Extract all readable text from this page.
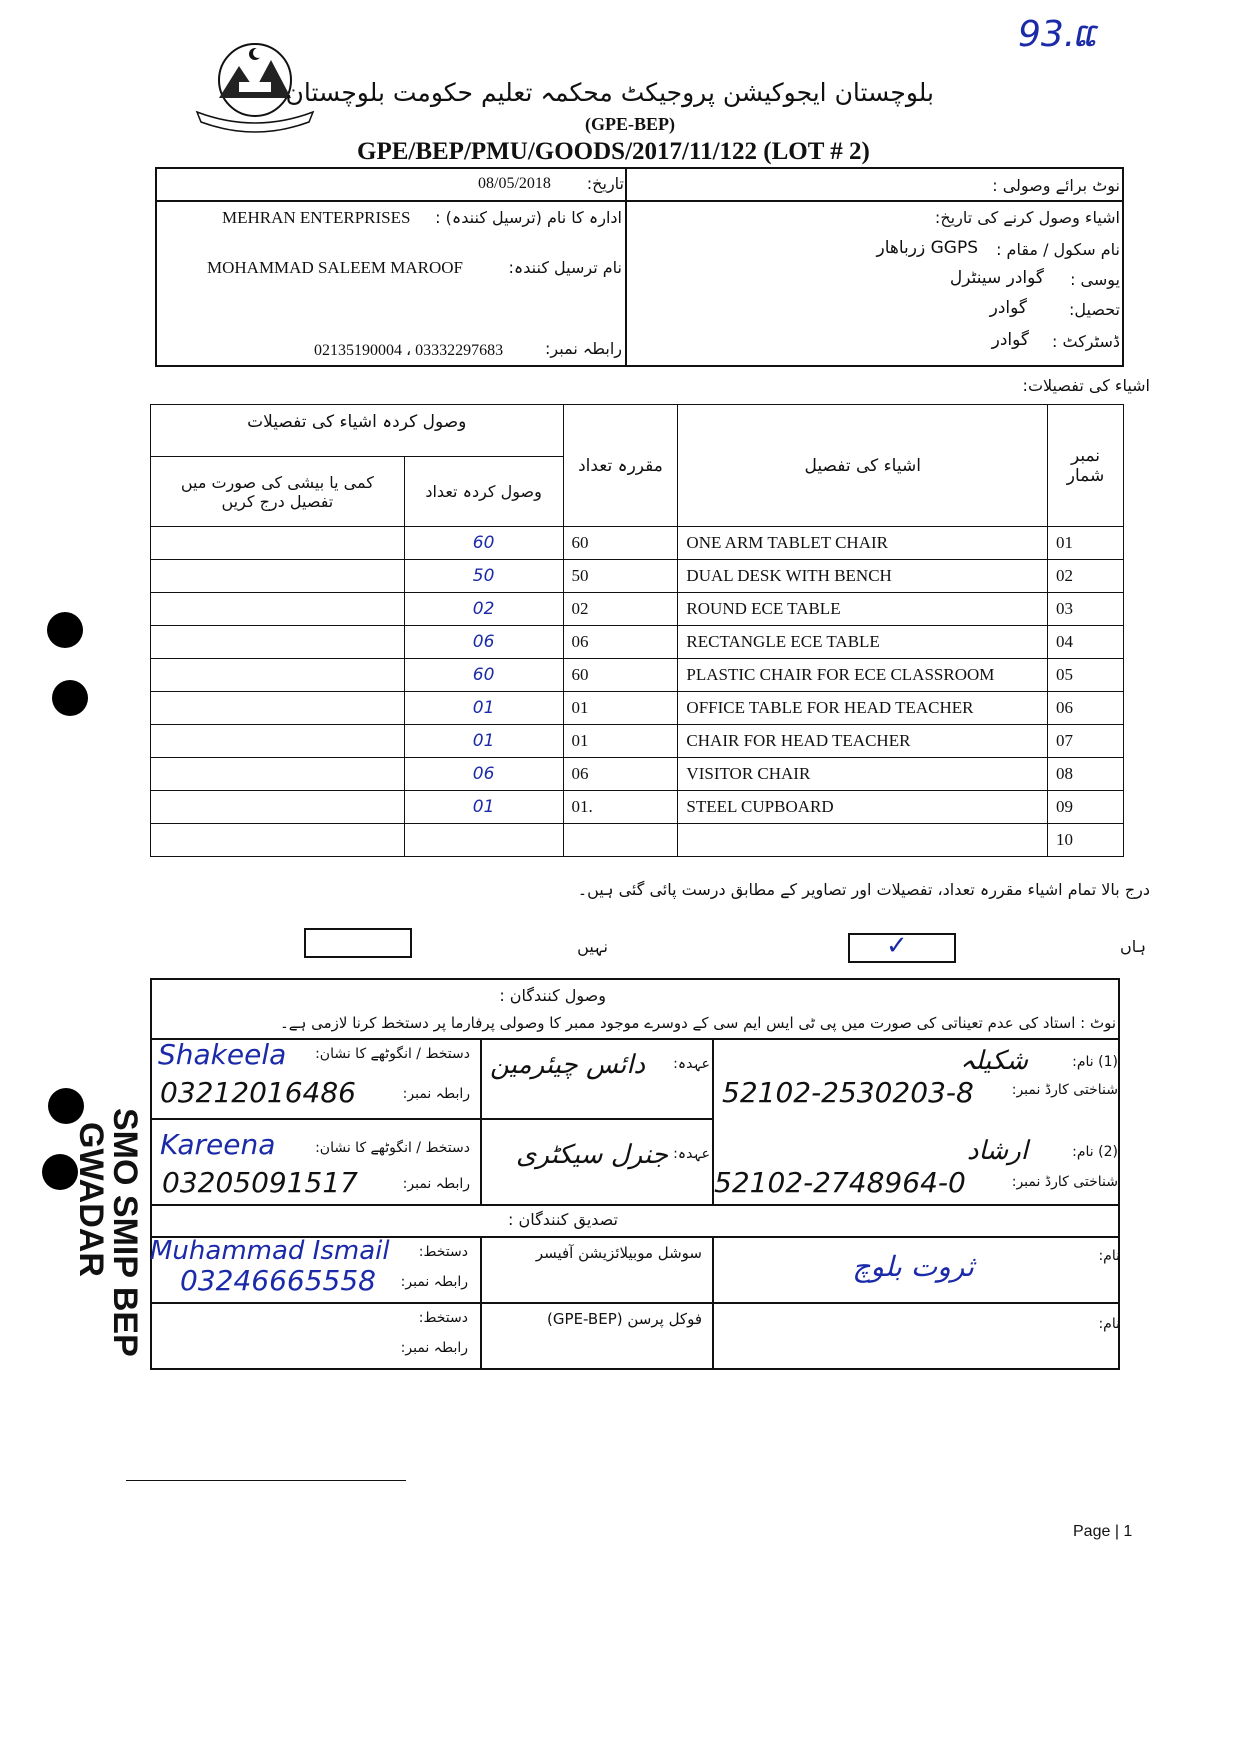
93.ແ
بلوچستان ایجوکیشن پروجیکٹ محکمہ تعلیم حکومت بلوچستان
(GPE-BEP)
GPE/BEP/PMU/GOODS/2017/11/122 (LOT # 2)
تاریخ:
08/05/2018	نوٹ برائے وصولی :
ادارہ کا نام (ترسیل کنندہ) :
MEHRAN ENTERPRISES	اشیاء وصول کرنے کی تاریخ:
نام سکول / مقام :
GGPS زرباھار
نام ترسیل کنندہ:
MOHAMMAD SALEEM MAROOF
یوسی :
گوادر سینٹرل
تحصیل:
گوادر
ڈسٹرکٹ :
گوادر
رابطہ نمبر:
02135190004 ، 03332297683
اشیاء کی تفصیلات:
وصول کردہ اشیاء کی تفصیلات		مقررہ تعداد	اشیاء کی تفصیل	نمبر شمار
کمی یا بیشی کی صورت میں تفصیل درج کریں	وصول کردہ تعداد			
	60	60	ONE ARM TABLET CHAIR	01
	50	50	DUAL DESK WITH BENCH	02
	02	02	ROUND ECE TABLE	03
	06	06	RECTANGLE ECE TABLE	04
	60	60	PLASTIC CHAIR FOR ECE CLASSROOM	05
	01	01	OFFICE TABLE FOR HEAD TEACHER	06
	01	01	CHAIR FOR HEAD TEACHER	07
	06	06	VISITOR CHAIR	08
	01	01.	STEEL CUPBOARD	09
				10
درج بالا تمام اشیاء مقررہ تعداد، تفصیلات اور تصاویر کے مطابق درست پائی گئی ہیں۔
ہاں
✓
نہیں
وصول کنندگان :
نوٹ : استاد کی عدم تعیناتی کی صورت میں پی ٹی ایس ایم سی کے دوسرے موجود ممبر کا وصولی پرفارما پر دستخط کرنا لازمی ہے۔
دستخط / انگوٹھے کا نشان:
Shakeela
رابطہ نمبر:
03212016486
عہدہ:
دائس چیئرمین	(1) نام:
شکیلہ
شناختی کارڈ نمبر:
52102-2530203-8
دستخط / انگوٹھے کا نشان:
Kareena
رابطہ نمبر:
03205091517
عہدہ:
جنرل سیکٹری	(2) نام:
ارشاد
شناختی کارڈ نمبر:
52102-2748964-0
تصدیق کنندگان :
دستخط:
Muhammad Ismail
رابطہ نمبر:
03246665558
سوشل موبیلائزیشن آفیسر	نام:
ثروت بلوچ
دستخط:
رابطہ نمبر:
فوکل پرسن (GPE-BEP)	نام:
SMO SMIP BEP
GWADAR
Page | 1
